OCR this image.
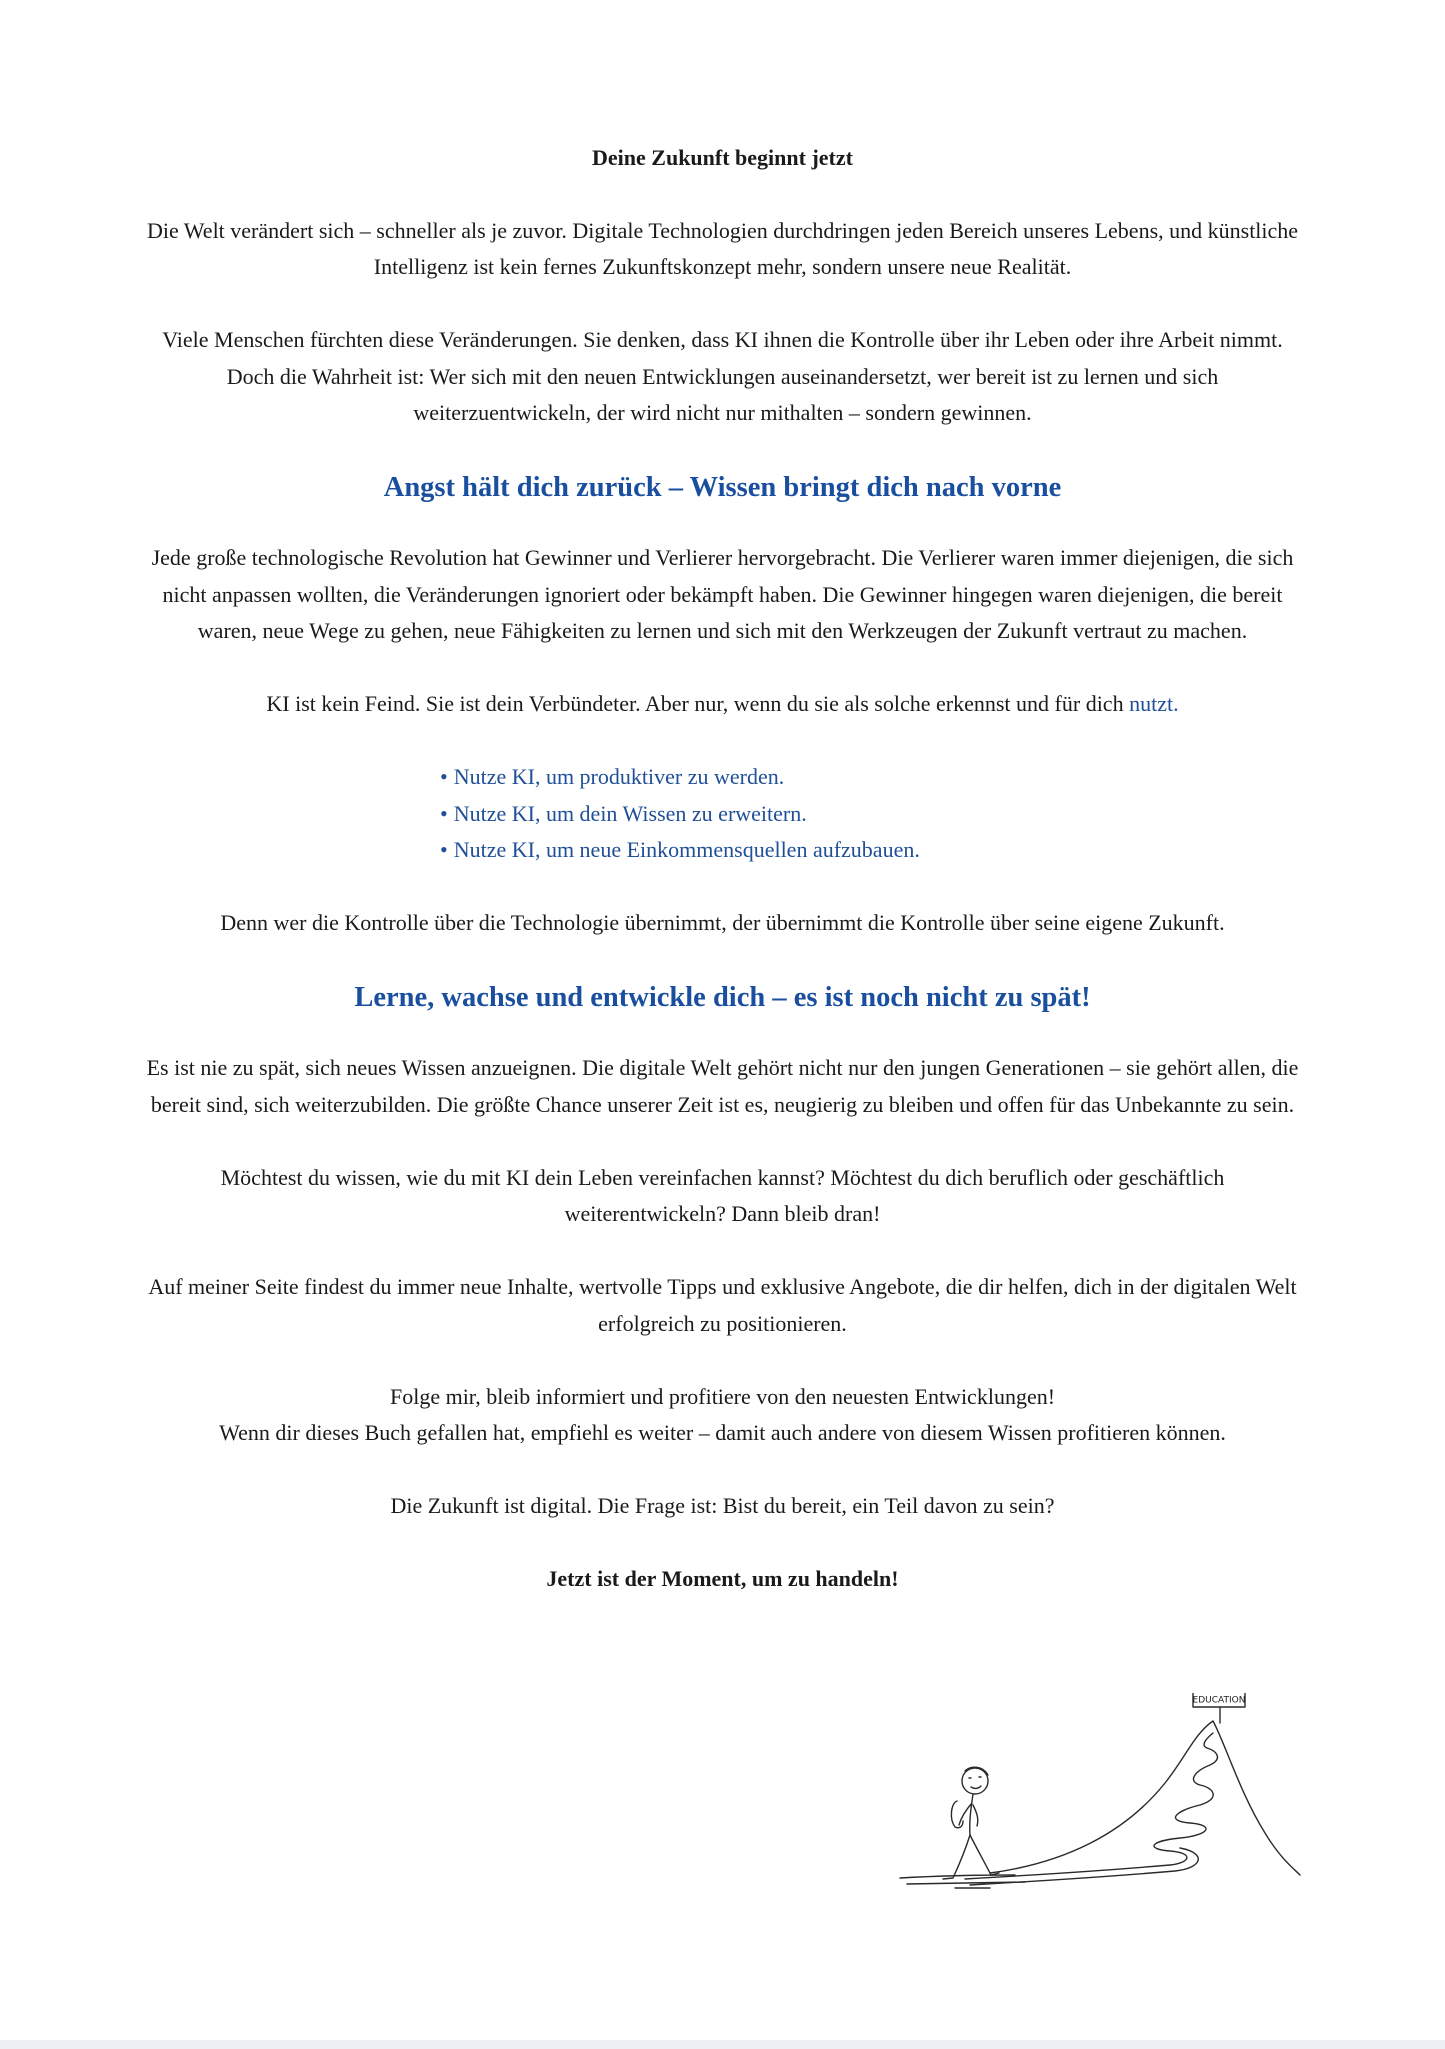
Deine Zukunft beginnt jetzt

Die Welt verändert sich – schneller als je zuvor. Digitale Technologien durchdringen jeden Bereich unseres Lebens, und künstliche Intelligenz ist kein fernes Zukunftskonzept mehr, sondern unsere neue Realität.

Viele Menschen fürchten diese Veränderungen. Sie denken, dass KI ihnen die Kontrolle über ihr Leben oder ihre Arbeit nimmt. Doch die Wahrheit ist: Wer sich mit den neuen Entwicklungen auseinandersetzt, wer bereit ist zu lernen und sich weiterzuentwickeln, der wird nicht nur mithalten – sondern gewinnen.

Angst hält dich zurück – Wissen bringt dich nach vorne

Jede große technologische Revolution hat Gewinner und Verlierer hervorgebracht. Die Verlierer waren immer diejenigen, die sich nicht anpassen wollten, die Veränderungen ignoriert oder bekämpft haben. Die Gewinner hingegen waren diejenigen, die bereit waren, neue Wege zu gehen, neue Fähigkeiten zu lernen und sich mit den Werkzeugen der Zukunft vertraut zu machen.

KI ist kein Feind. Sie ist dein Verbündeter. Aber nur, wenn du sie als solche erkennst und für dich nutzt.

• Nutze KI, um produktiver zu werden.
• Nutze KI, um dein Wissen zu erweitern.
• Nutze KI, um neue Einkommensquellen aufzubauen.

Denn wer die Kontrolle über die Technologie übernimmt, der übernimmt die Kontrolle über seine eigene Zukunft.

Lerne, wachse und entwickle dich – es ist noch nicht zu spät!

Es ist nie zu spät, sich neues Wissen anzueignen. Die digitale Welt gehört nicht nur den jungen Generationen – sie gehört allen, die bereit sind, sich weiterzubilden. Die größte Chance unserer Zeit ist es, neugierig zu bleiben und offen für das Unbekannte zu sein.

Möchtest du wissen, wie du mit KI dein Leben vereinfachen kannst? Möchtest du dich beruflich oder geschäftlich weiterentwickeln? Dann bleib dran!

Auf meiner Seite findest du immer neue Inhalte, wertvolle Tipps und exklusive Angebote, die dir helfen, dich in der digitalen Welt erfolgreich zu positionieren.

Folge mir, bleib informiert und profitiere von den neuesten Entwicklungen!
Wenn dir dieses Buch gefallen hat, empfiehl es weiter – damit auch andere von diesem Wissen profitieren können.

Die Zukunft ist digital. Die Frage ist: Bist du bereit, ein Teil davon zu sein?

Jetzt ist der Moment, um zu handeln!
EDUCATION
